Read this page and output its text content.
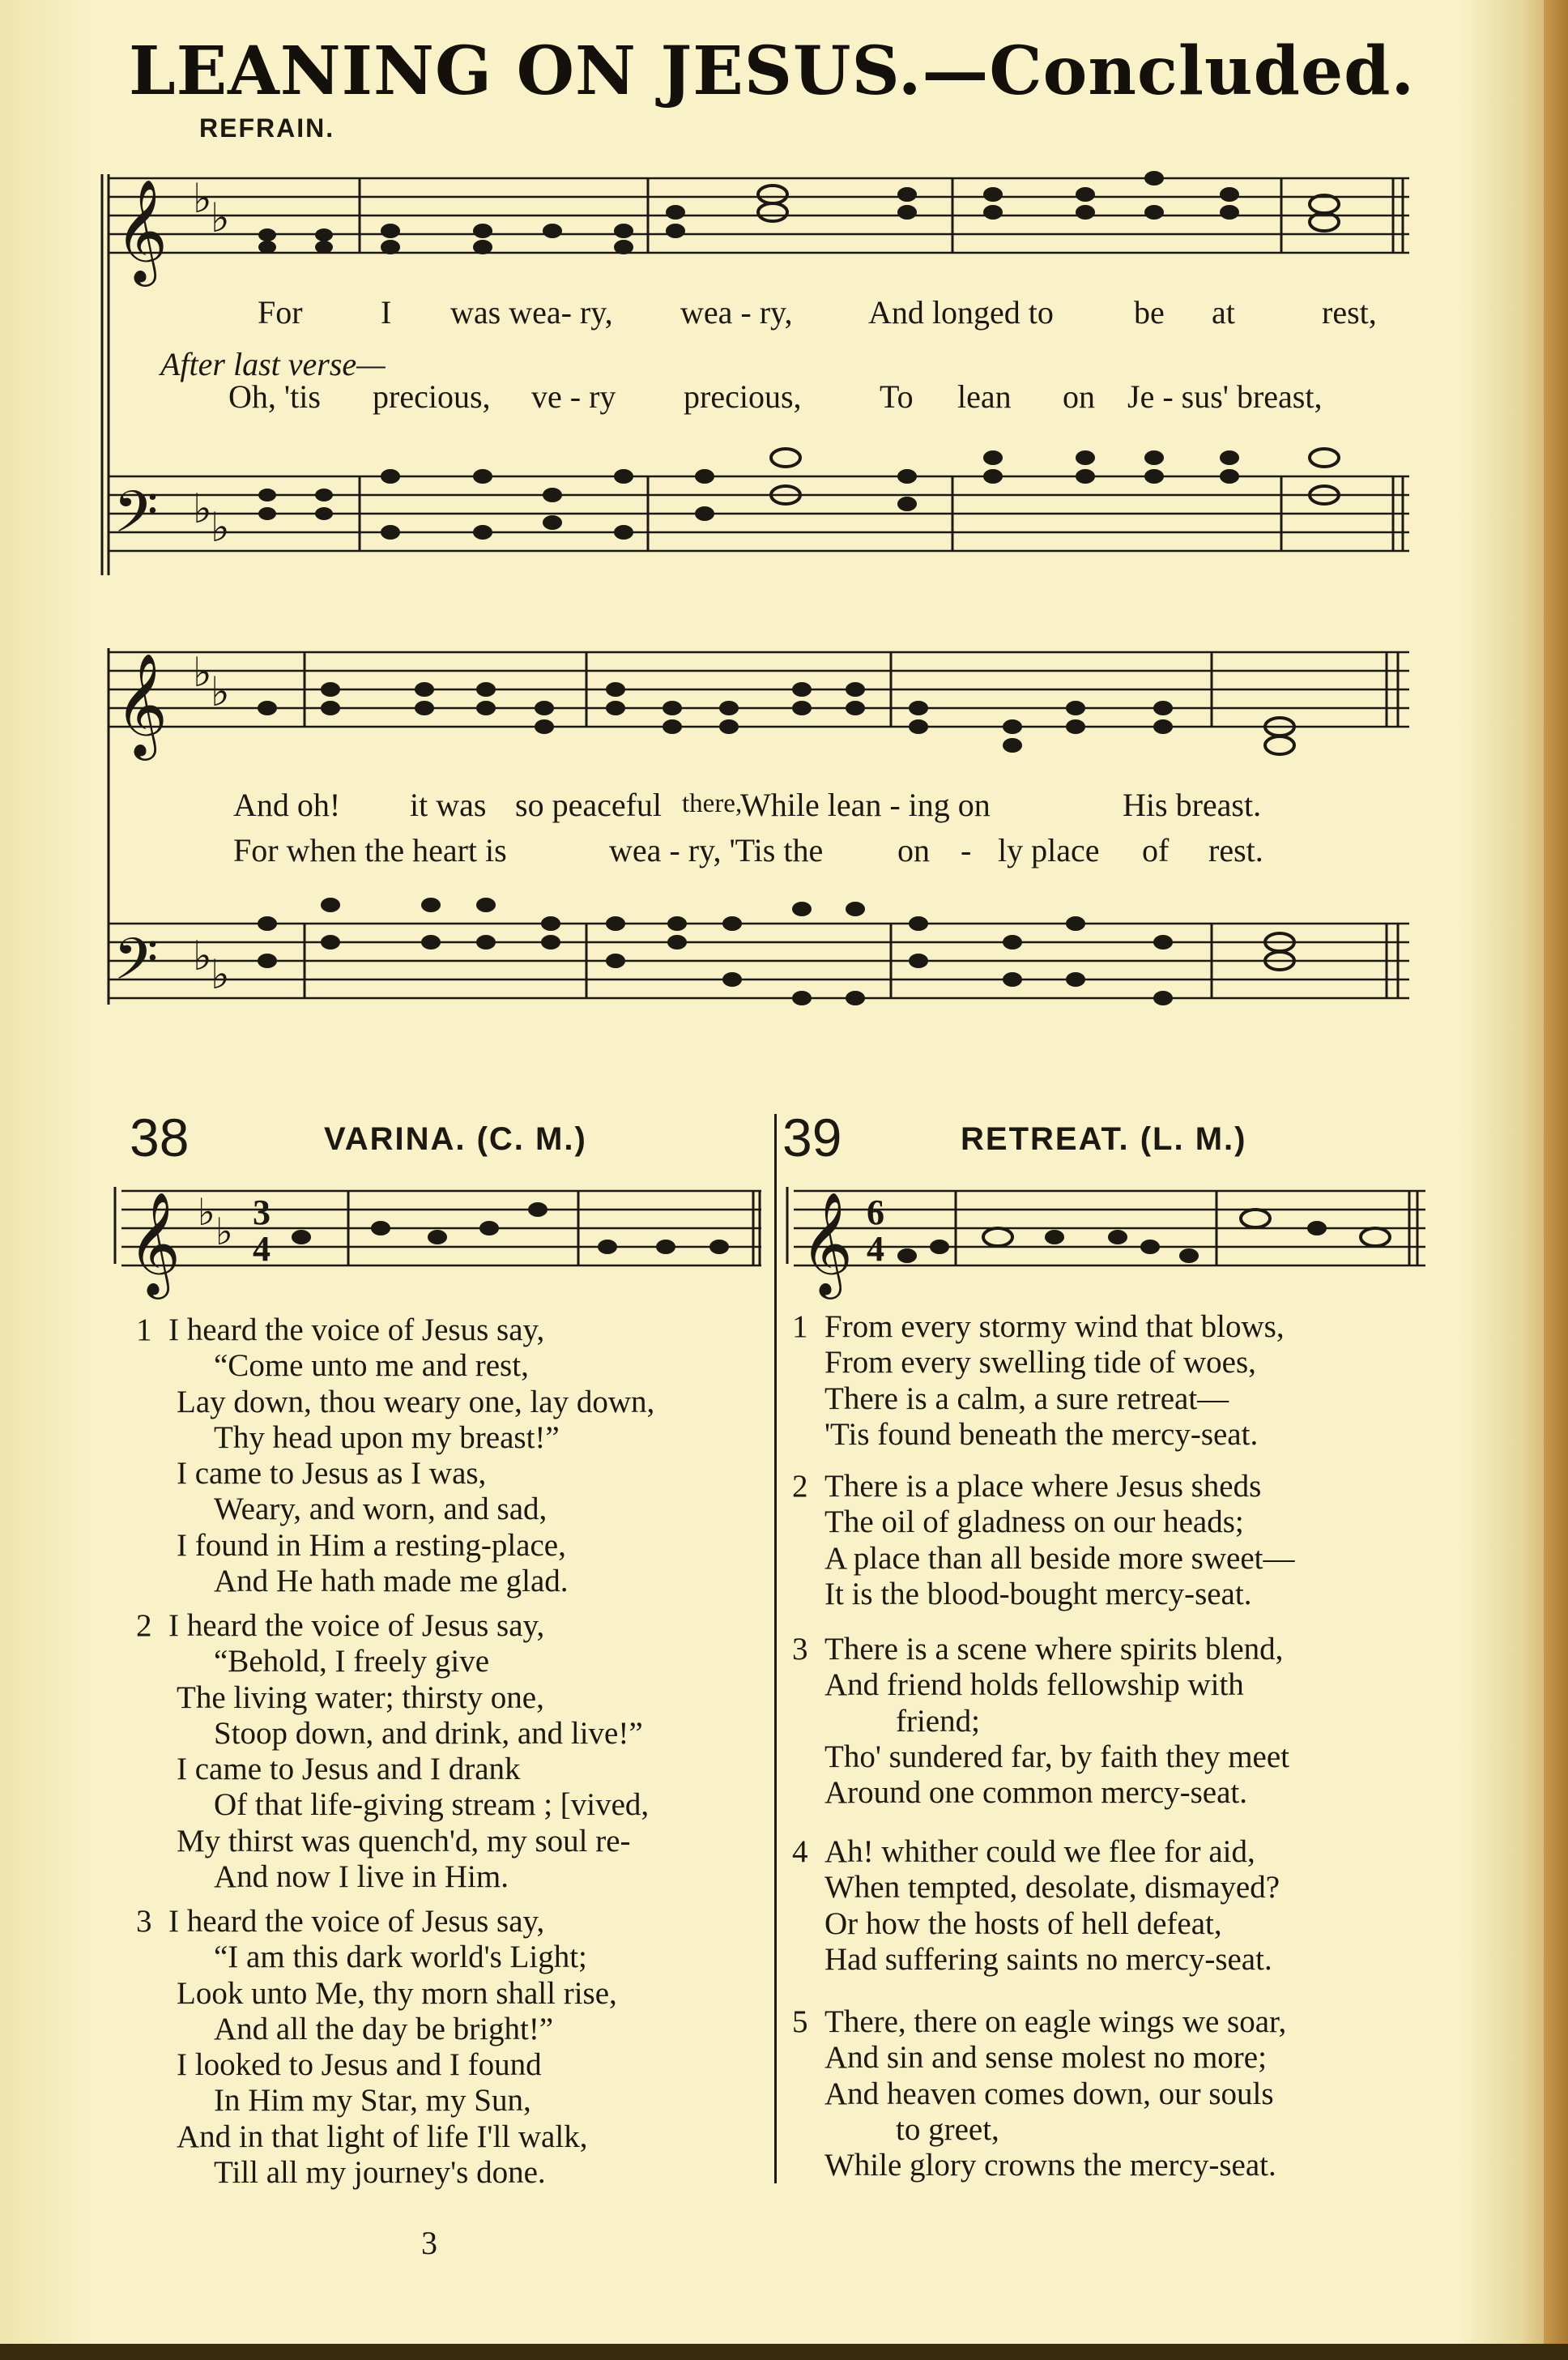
LEANING ON JESUS.—Concluded.
REFRAIN.
𝄞 ♭
♭
𝄢 ♭
♭
𝄞 ♭
♭
𝄢 ♭
♭
𝄞 ♭ ♭ 3
4	𝄞 6
4
For I was wea- ry, wea - ry, And longed to be at	rest,
After last verse—
Oh, 'tis precious, ve - ry precious, To lean on Je - sus' breast,
And oh! it was so peaceful there,
While lean - ing on	His breast.
For when the heart is	wea - ry, 'Tis the on - ly place of rest.
38	VARINA. (C. M.)	39	RETREAT. (L. M.)
1 I heard the voice of Jesus say,
“Come unto me and rest,
Lay down, thou weary one, lay down,
Thy head upon my breast!”
I came to Jesus as I was,
Weary, and worn, and sad,
I found in Him a resting-place,
And He hath made me glad.
2 I heard the voice of Jesus say,
“Behold, I freely give
The living water; thirsty one,
Stoop down, and drink, and live!”
I came to Jesus and I drank
Of that life-giving stream ; [vived,
My thirst was quench'd, my soul re-
And now I live in Him.
3 I heard the voice of Jesus say,
“I am this dark world's Light;
Look unto Me, thy morn shall rise,
And all the day be bright!”
I looked to Jesus and I found
In Him my Star, my Sun,
And in that light of life I'll walk,
Till all my journey's done.
1 From every stormy wind that blows,
From every swelling tide of woes,
There is a calm, a sure retreat—
'Tis found beneath the mercy-seat.
2 There is a place where Jesus sheds
The oil of gladness on our heads;
A place than all beside more sweet—
It is the blood-bought mercy-seat.
3 There is a scene where spirits blend,
And friend holds fellowship with
friend;
Tho' sundered far, by faith they meet
Around one common mercy-seat.
4 Ah! whither could we flee for aid,
When tempted, desolate, dismayed?
Or how the hosts of hell defeat,
Had suffering saints no mercy-seat.
5 There, there on eagle wings we soar,
And sin and sense molest no more;
And heaven comes down, our souls
to greet,
While glory crowns the mercy-seat.
3
